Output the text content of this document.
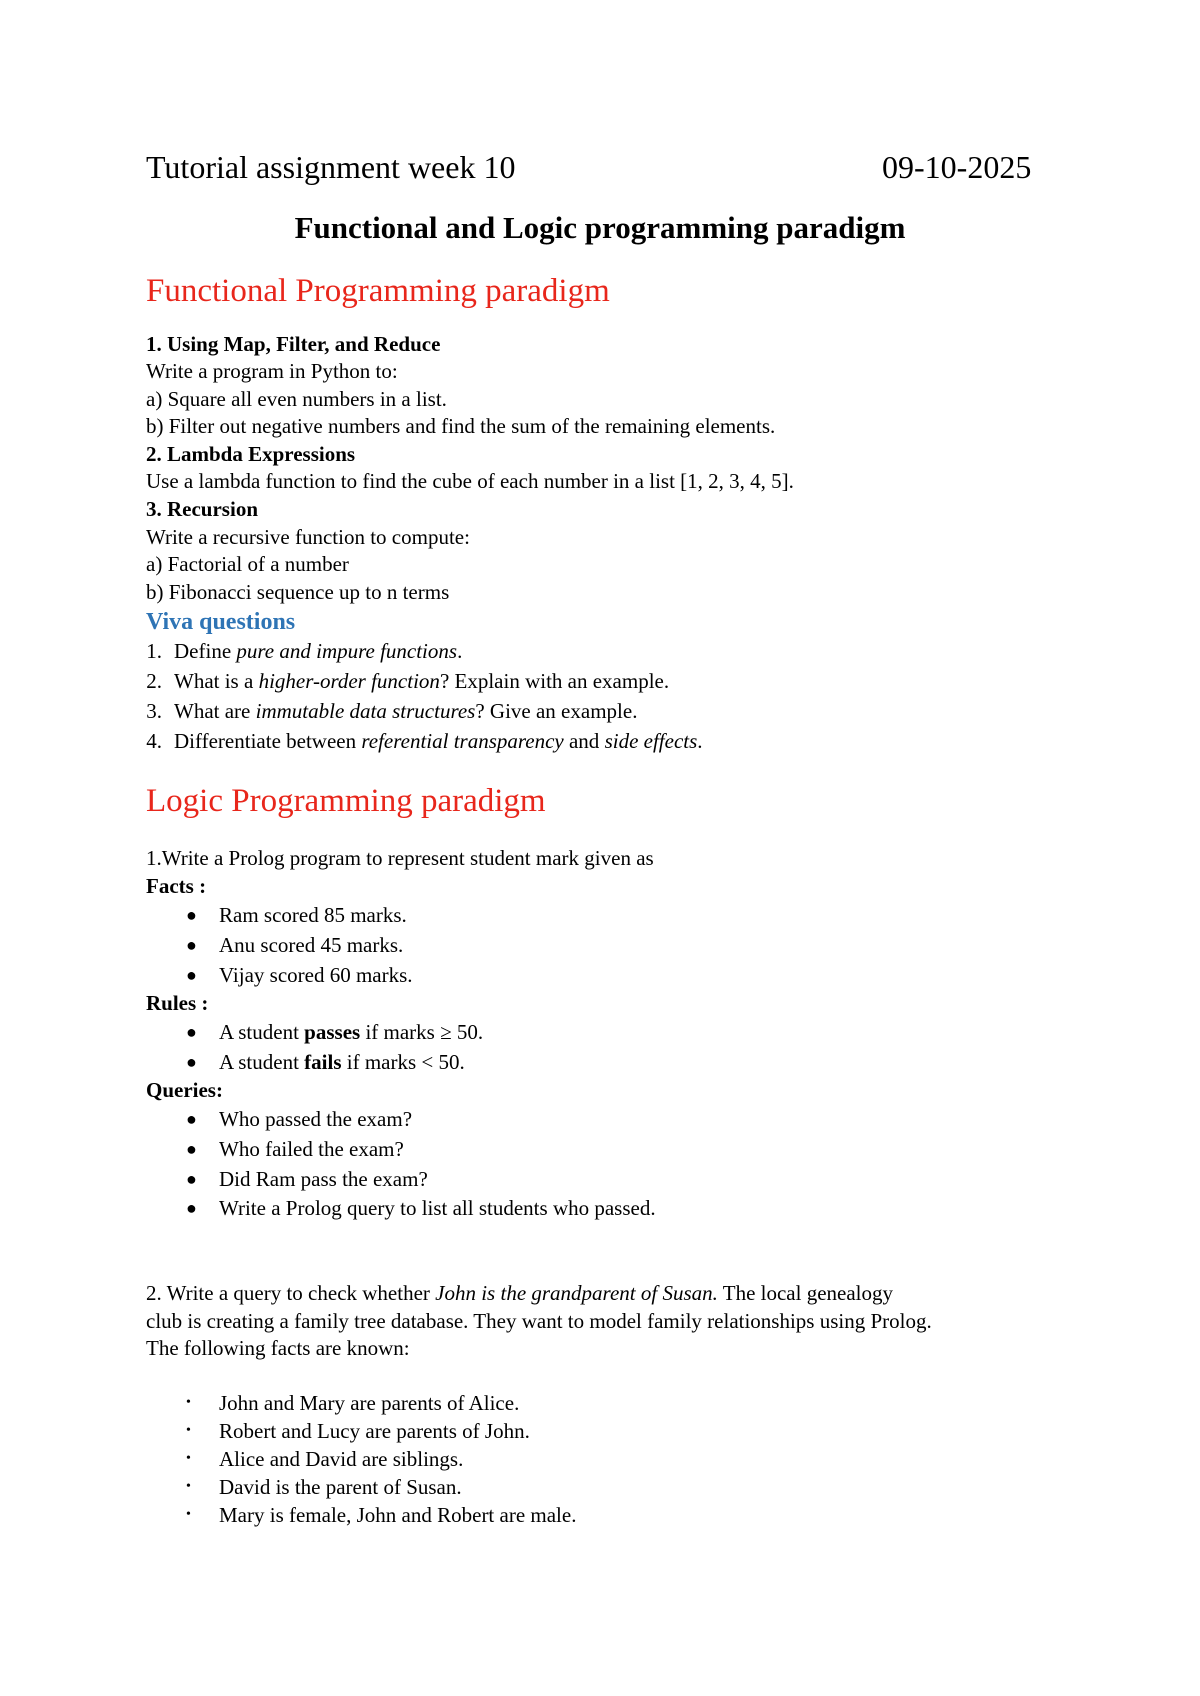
Tutorial assignment week 10	09-10-2025
Functional and Logic programming paradigm
Functional Programming paradigm
1. Using Map, Filter, and Reduce
Write a program in Python to:
a) Square all even numbers in a list.
b) Filter out negative numbers and find the sum of the remaining elements.
2. Lambda Expressions
Use a lambda function to find the cube of each number in a list [1, 2, 3, 4, 5].
3. Recursion
Write a recursive function to compute:
a) Factorial of a number
b) Fibonacci sequence up to n terms
Viva questions
1. Define pure and impure functions.
2. What is a higher-order function? Explain with an example.
3. What are immutable data structures? Give an example.
4. Differentiate between referential transparency and side effects.
Logic Programming paradigm
1.Write a Prolog program to represent student mark given as
Facts :
● Ram scored 85 marks.
● Anu scored 45 marks.
● Vijay scored 60 marks.
Rules :
● A student passes if marks ≥ 50.
● A student fails if marks < 50.
Queries:
● Who passed the exam?
● Who failed the exam?
● Did Ram pass the exam?
● Write a Prolog query to list all students who passed.
2. Write a query to check whether John is the grandparent of Susan. The local genealogy
club is creating a family tree database. They want to model family relationships using Prolog.
The following facts are known:
• John and Mary are parents of Alice.
• Robert and Lucy are parents of John.
• Alice and David are siblings.
• David is the parent of Susan.
• Mary is female, John and Robert are male.
